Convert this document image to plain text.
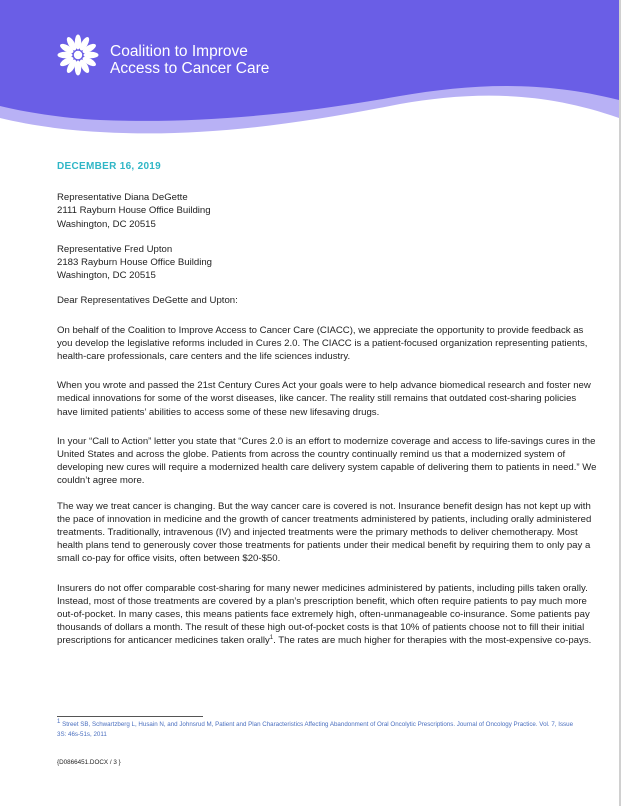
Coalition to Improve
Access to Cancer Care
DECEMBER 16, 2019
Representative Diana DeGette
2111 Rayburn House Office Building
Washington, DC 20515
Representative Fred Upton
2183 Rayburn House Office Building
Washington, DC 20515
Dear Representatives DeGette and Upton:
On behalf of the Coalition to Improve Access to Cancer Care (CIACC), we appreciate the opportunity to provide feedback as you develop the legislative reforms included in Cures 2.0. The CIACC is a patient-focused organization representing patients, health-care professionals, care centers and the life sciences industry.
When you wrote and passed the 21st Century Cures Act your goals were to help advance biomedical research and foster new medical innovations for some of the worst diseases, like cancer. The reality still remains that outdated cost-sharing policies have limited patients’ abilities to access some of these new lifesaving drugs.
In your “Call to Action” letter you state that “Cures 2.0 is an effort to modernize coverage and access to life-savings cures in the United States and across the globe. Patients from across the country continually remind us that a modernized system of developing new cures will require a modernized health care delivery system capable of delivering them to patients in need.” We couldn’t agree more.
The way we treat cancer is changing. But the way cancer care is covered is not. Insurance benefit design has not kept up with the pace of innovation in medicine and the growth of cancer treatments administered by patients, including orally administered treatments. Traditionally, intravenous (IV) and injected treatments were the primary methods to deliver chemotherapy. Most health plans tend to generously cover those treatments for patients under their medical benefit by requiring them to only pay a small co-pay for office visits, often between $20-$50.
Insurers do not offer comparable cost-sharing for many newer medicines administered by patients, including pills taken orally. Instead, most of those treatments are covered by a plan’s prescription benefit, which often require patients to pay much more out-of-pocket. In many cases, this means patients face extremely high, often-unmanageable co-insurance. Some patients pay thousands of dollars a month. The result of these high out-of-pocket costs is that 10% of patients choose not to fill their initial prescriptions for anticancer medicines taken orally$^1$. The rates are much higher for therapies with the most-expensive co-pays.
$^1$ Street SB, Schwartzberg L, Husain N, and Johnsrud M, Patient and Plan Characteristics Affecting Abandonment of Oral Oncolytic Prescriptions. Journal of Oncology Practice. Vol. 7, Issue 3S: 46s-51s, 2011
{D0866451.DOCX / 3 }
